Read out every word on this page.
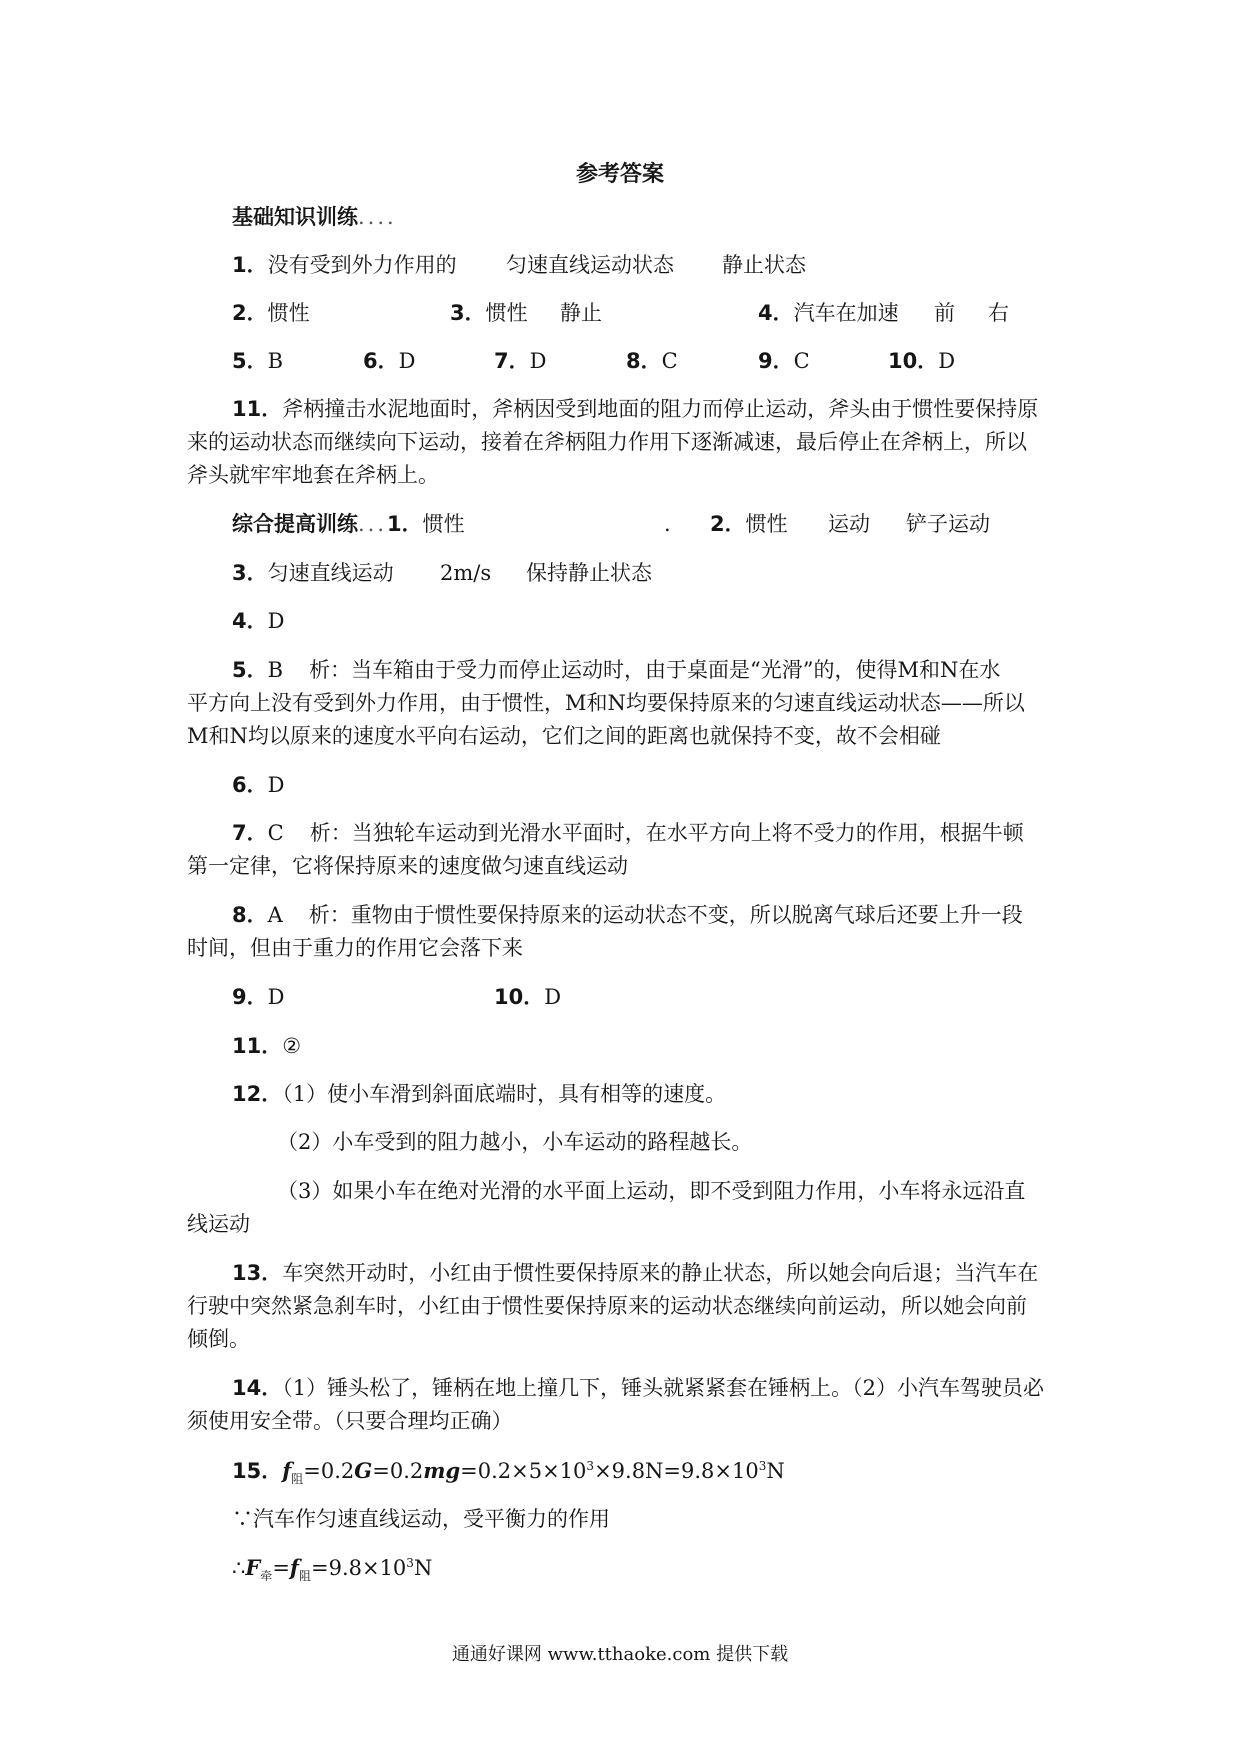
参考答案
基础知识训练....
1．没有受到外力作用的 匀速直线运动状态 静止状态
2．惯性	3．惯性 静止	4．汽车在加速 前 右
5．B	6．D	7．D	8．C	9．C	10．D
11．斧柄撞击水泥地面时，斧柄因受到地面的阻力而停止运动，斧头由于惯性要保持原
来的运动状态而继续向下运动，接着在斧柄阻力作用下逐渐减速，最后停止在斧柄上，所以
斧头就牢牢地套在斧柄上。
综合提高训练...1．惯性	. 2．惯性 运动 铲子运动
3．匀速直线运动 2m/s 保持静止状态
4．D
5．B 析：当车箱由于受力而停止运动时，由于桌面是“光滑”的，使得M和N在水
平方向上没有受到外力作用，由于惯性，M和N均要保持原来的匀速直线运动状态——所以
M和N均以原来的速度水平向右运动，它们之间的距离也就保持不变，故不会相碰
6．D
7．C 析：当独轮车运动到光滑水平面时，在水平方向上将不受力的作用，根据牛顿
第一定律，它将保持原来的速度做匀速直线运动
8．A 析：重物由于惯性要保持原来的运动状态不变，所以脱离气球后还要上升一段
时间，但由于重力的作用它会落下来
9．D	10．D
11．②
12．（1）使小车滑到斜面底端时，具有相等的速度。
（2）小车受到的阻力越小，小车运动的路程越长。
（3）如果小车在绝对光滑的水平面上运动，即不受到阻力作用，小车将永远沿直
线运动
13．车突然开动时，小红由于惯性要保持原来的静止状态，所以她会向后退；当汽车在
行驶中突然紧急刹车时，小红由于惯性要保持原来的运动状态继续向前运动，所以她会向前
倾倒。
14．（1）锤头松了，锤柄在地上撞几下，锤头就紧紧套在锤柄上。（2）小汽车驾驶员必
须使用安全带。（只要合理均正确）
15．$f_阻=0.2G=0.2mg=0.2\times 5\times 10^3\times 9.8N=9.8\times 10^3N$
∵汽车作匀速直线运动，受平衡力的作用
$\therefore F_牵=f_阻=9.8\times 10^3N$
通通好课网 www.tthaoke.com 提供下载
